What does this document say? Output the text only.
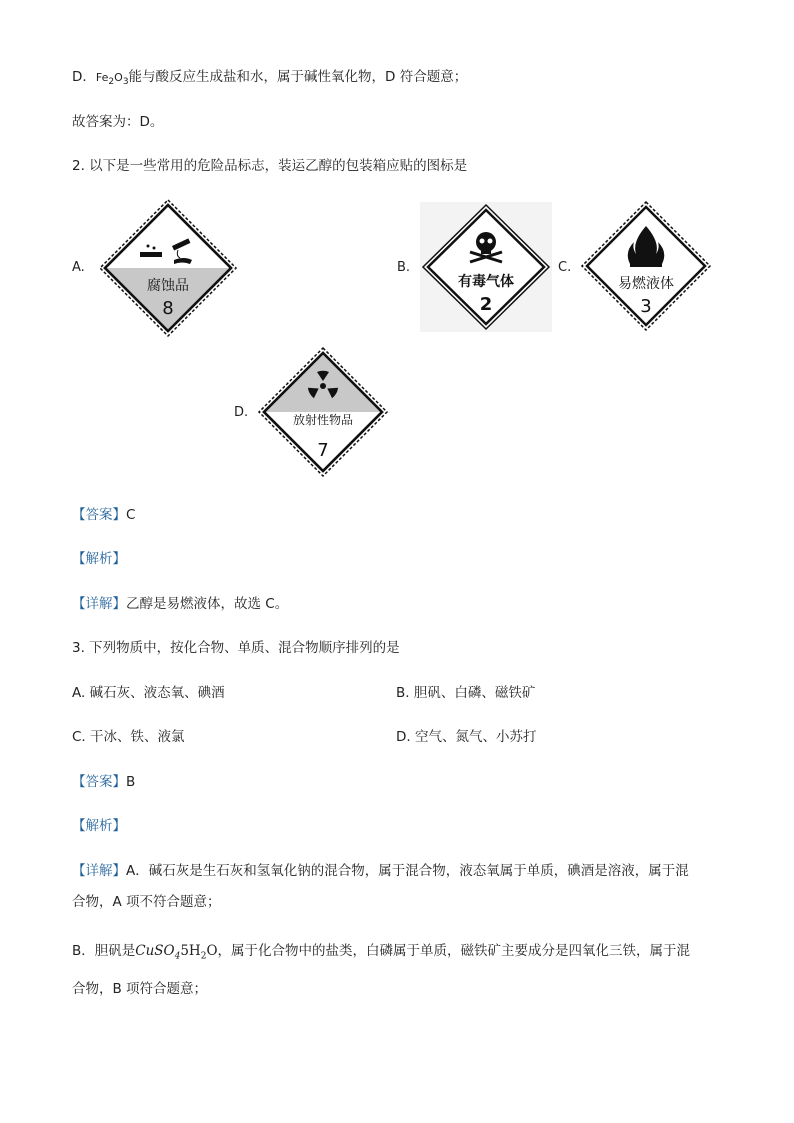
D．$Fe_2O_3$能与酸反应生成盐和水，属于碱性氧化物，D 符合题意；
故答案为：D。
2. 以下是一些常用的危险品标志，装运乙醇的包装箱应贴的图标是
A.
腐蚀品
8
B.
有毒气体
2
C.
易燃液体
3
D.	放射性物品
7
【答案】C
【解析】
【详解】乙醇是易燃液体，故选 C。
3. 下列物质中，按化合物、单质、混合物顺序排列的是
A. 碱石灰、液态氧、碘酒	B. 胆矾、白磷、磁铁矿
C. 干冰、铁、液氯	D. 空气、氮气、小苏打
【答案】B
【解析】
【详解】A．碱石灰是生石灰和氢氧化钠的混合物，属于混合物，液态氧属于单质，碘酒是溶液，属于混
合物，A 项不符合题意；
B．胆矾是$CuSO_45H_2O$，属于化合物中的盐类，白磷属于单质，磁铁矿主要成分是四氧化三铁，属于混
合物，B 项符合题意；
